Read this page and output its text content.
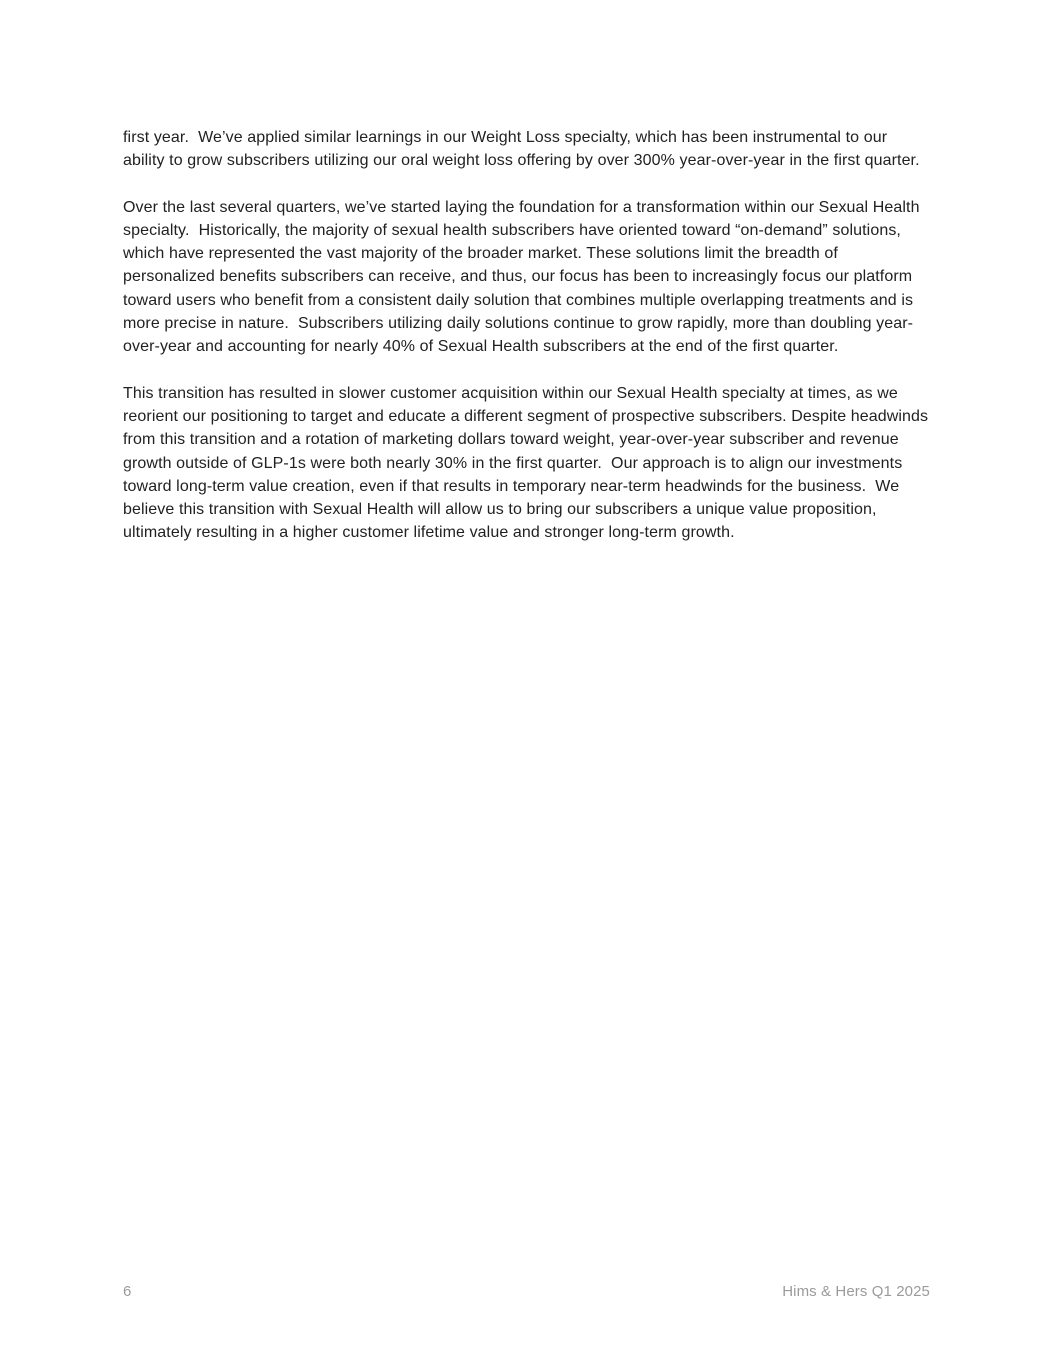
first year.  We’ve applied similar learnings in our Weight Loss specialty, which has been instrumental to our ability to grow subscribers utilizing our oral weight loss offering by over 300% year-over-year in the first quarter.

Over the last several quarters, we’ve started laying the foundation for a transformation within our Sexual Health specialty.  Historically, the majority of sexual health subscribers have oriented toward “on-demand” solutions, which have represented the vast majority of the broader market. These solutions limit the breadth of personalized benefits subscribers can receive, and thus, our focus has been to increasingly focus our platform toward users who benefit from a consistent daily solution that combines multiple overlapping treatments and is more precise in nature.  Subscribers utilizing daily solutions continue to grow rapidly, more than doubling year-over-year and accounting for nearly 40% of Sexual Health subscribers at the end of the first quarter.

This transition has resulted in slower customer acquisition within our Sexual Health specialty at times, as we reorient our positioning to target and educate a different segment of prospective subscribers. Despite headwinds from this transition and a rotation of marketing dollars toward weight, year-over-year subscriber and revenue growth outside of GLP-1s were both nearly 30% in the first quarter.  Our approach is to align our investments toward long-term value creation, even if that results in temporary near-term headwinds for the business.  We believe this transition with Sexual Health will allow us to bring our subscribers a unique value proposition, ultimately resulting in a higher customer lifetime value and stronger long-term growth.

6	Hims & Hers Q1 2025
